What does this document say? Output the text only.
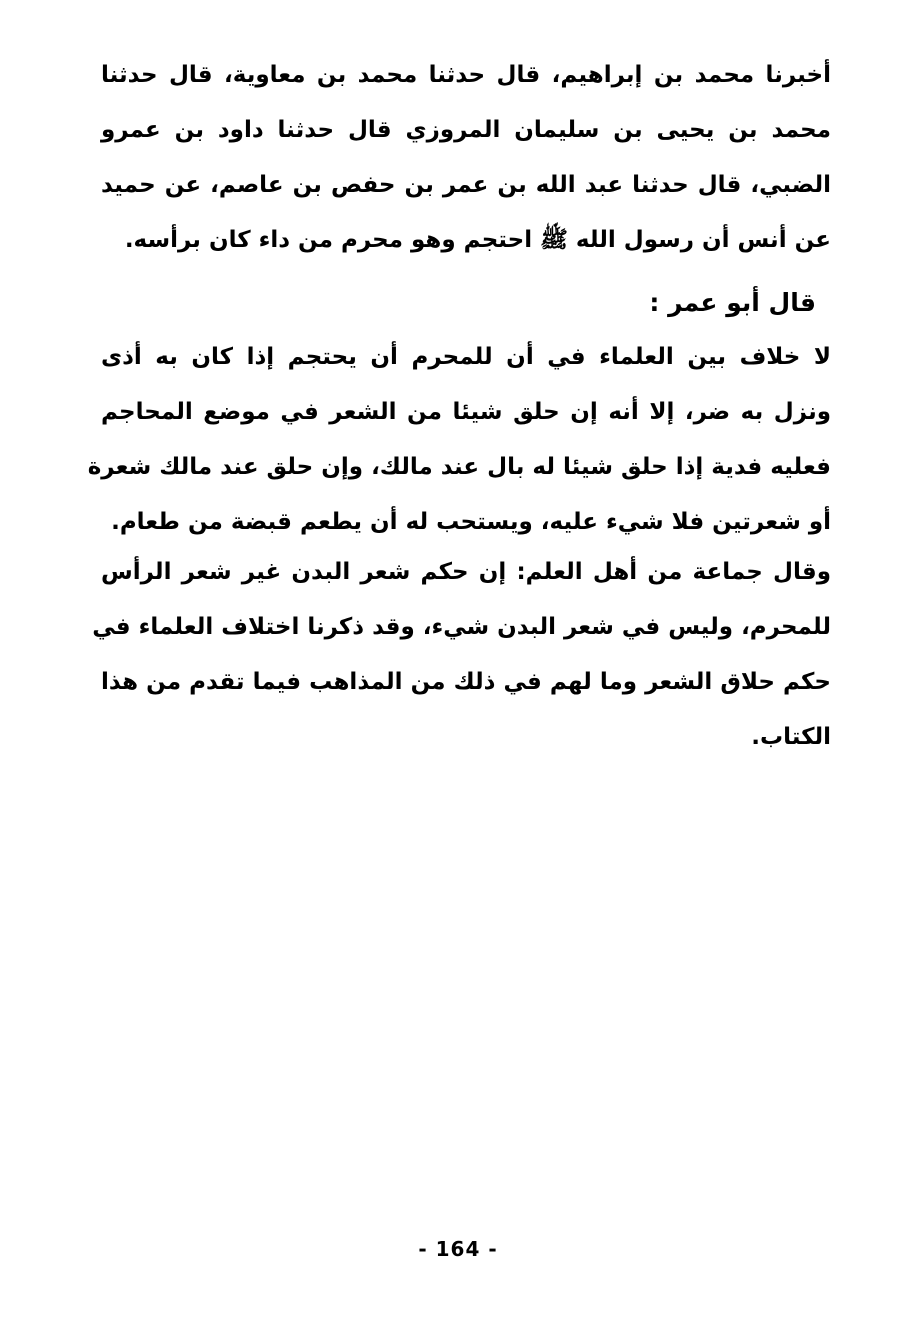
أخبرنا محمد بن إبراهيم، قال حدثنا محمد بن معاوية، قال حدثنا
محمد بن يحيى بن سليمان المروزي قال حدثنا داود بن عمرو
الضبي، قال حدثنا عبد الله بن عمر بن حفص بن عاصم، عن حميد
عن أنس أن رسول الله ﷺ احتجم وهو محرم من داء كان برأسه.
قال أبو عمر :
لا خلاف بين العلماء في أن للمحرم أن يحتجم إذا كان به أذى
ونزل به ضر، إلا أنه إن حلق شيئا من الشعر في موضع المحاجم
فعليه فدية إذا حلق شيئا له بال عند مالك، وإن حلق عند مالك شعرة
أو شعرتين فلا شيء عليه، ويستحب له أن يطعم قبضة من طعام.
وقال جماعة من أهل العلم: إن حكم شعر البدن غير شعر الرأس
للمحرم، وليس في شعر البدن شيء، وقد ذكرنا اختلاف العلماء في
حكم حلاق الشعر وما لهم في ذلك من المذاهب فيما تقدم من هذا
الكتاب.
- 164 -
